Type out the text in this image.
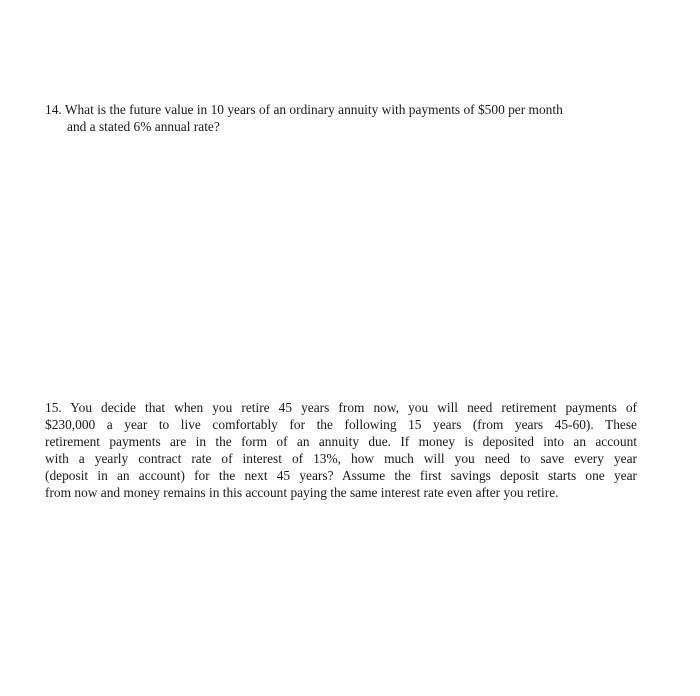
14. What is the future value in 10 years of an ordinary annuity with payments of $500 per month
and a stated 6% annual rate?
15. You decide that when you retire 45 years from now, you will need retirement payments of
$230,000 a year to live comfortably for the following 15 years (from years 45-60). These
retirement payments are in the form of an annuity due. If money is deposited into an account
with a yearly contract rate of interest of 13%, how much will you need to save every year
(deposit in an account) for the next 45 years? Assume the first savings deposit starts one year
from now and money remains in this account paying the same interest rate even after you retire.
